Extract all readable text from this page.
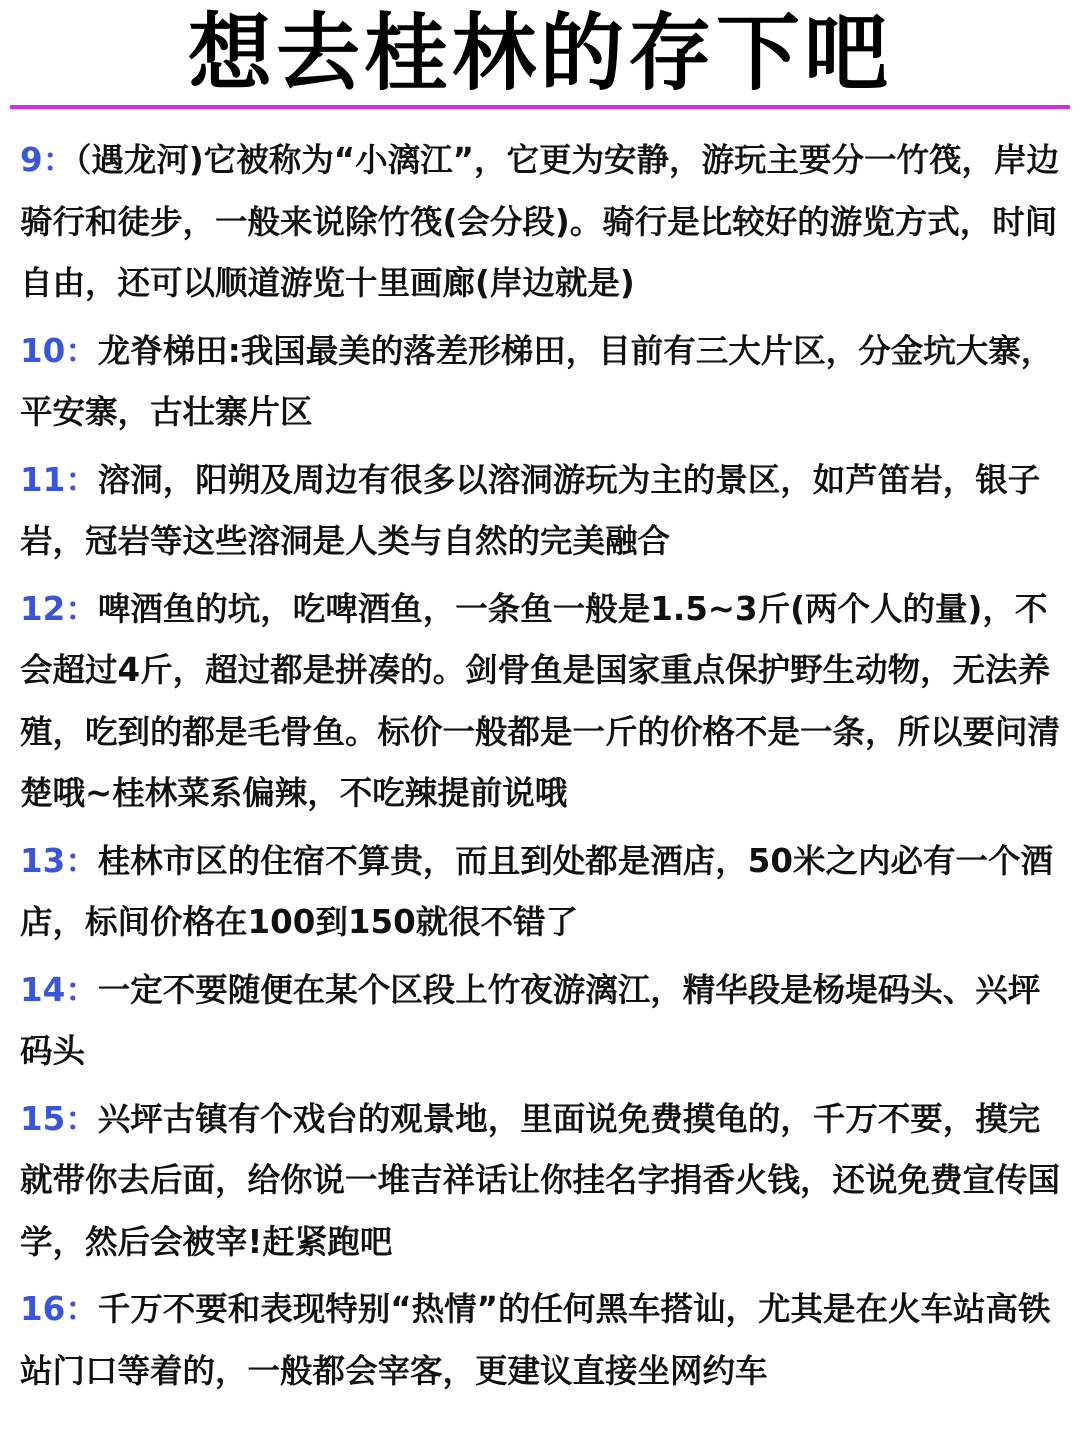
想去桂林的存下吧

9：（遇龙河)它被称为“小漓江”，它更为安静，游玩主要分一竹筏，岸边骑行和徒步，一般来说除竹筏(会分段)。骑行是比较好的游览方式，时间自由，还可以顺道游览十里画廊(岸边就是)

10：龙脊梯田:我国最美的落差形梯田，目前有三大片区，分金坑大寨，平安寨，古壮寨片区

11：溶洞，阳朔及周边有很多以溶洞游玩为主的景区，如芦笛岩，银子岩，冠岩等这些溶洞是人类与自然的完美融合

12：啤酒鱼的坑，吃啤酒鱼，一条鱼一般是1.5~3斤(两个人的量)，不会超过4斤，超过都是拼凑的。剑骨鱼是国家重点保护野生动物，无法养殖，吃到的都是毛骨鱼。标价一般都是一斤的价格不是一条，所以要问清楚哦~桂林菜系偏辣，不吃辣提前说哦

13：桂林市区的住宿不算贵，而且到处都是酒店，50米之内必有一个酒店，标间价格在100到150就很不错了

14：一定不要随便在某个区段上竹夜游漓江，精华段是杨堤码头、兴坪码头

15：兴坪古镇有个戏台的观景地，里面说免费摸龟的，千万不要，摸完就带你去后面，给你说一堆吉祥话让你挂名字捐香火钱，还说免费宣传国学，然后会被宰!赶紧跑吧

16：千万不要和表现特别“热情”的任何黑车搭讪，尤其是在火车站高铁站门口等着的，一般都会宰客，更建议直接坐网约车
